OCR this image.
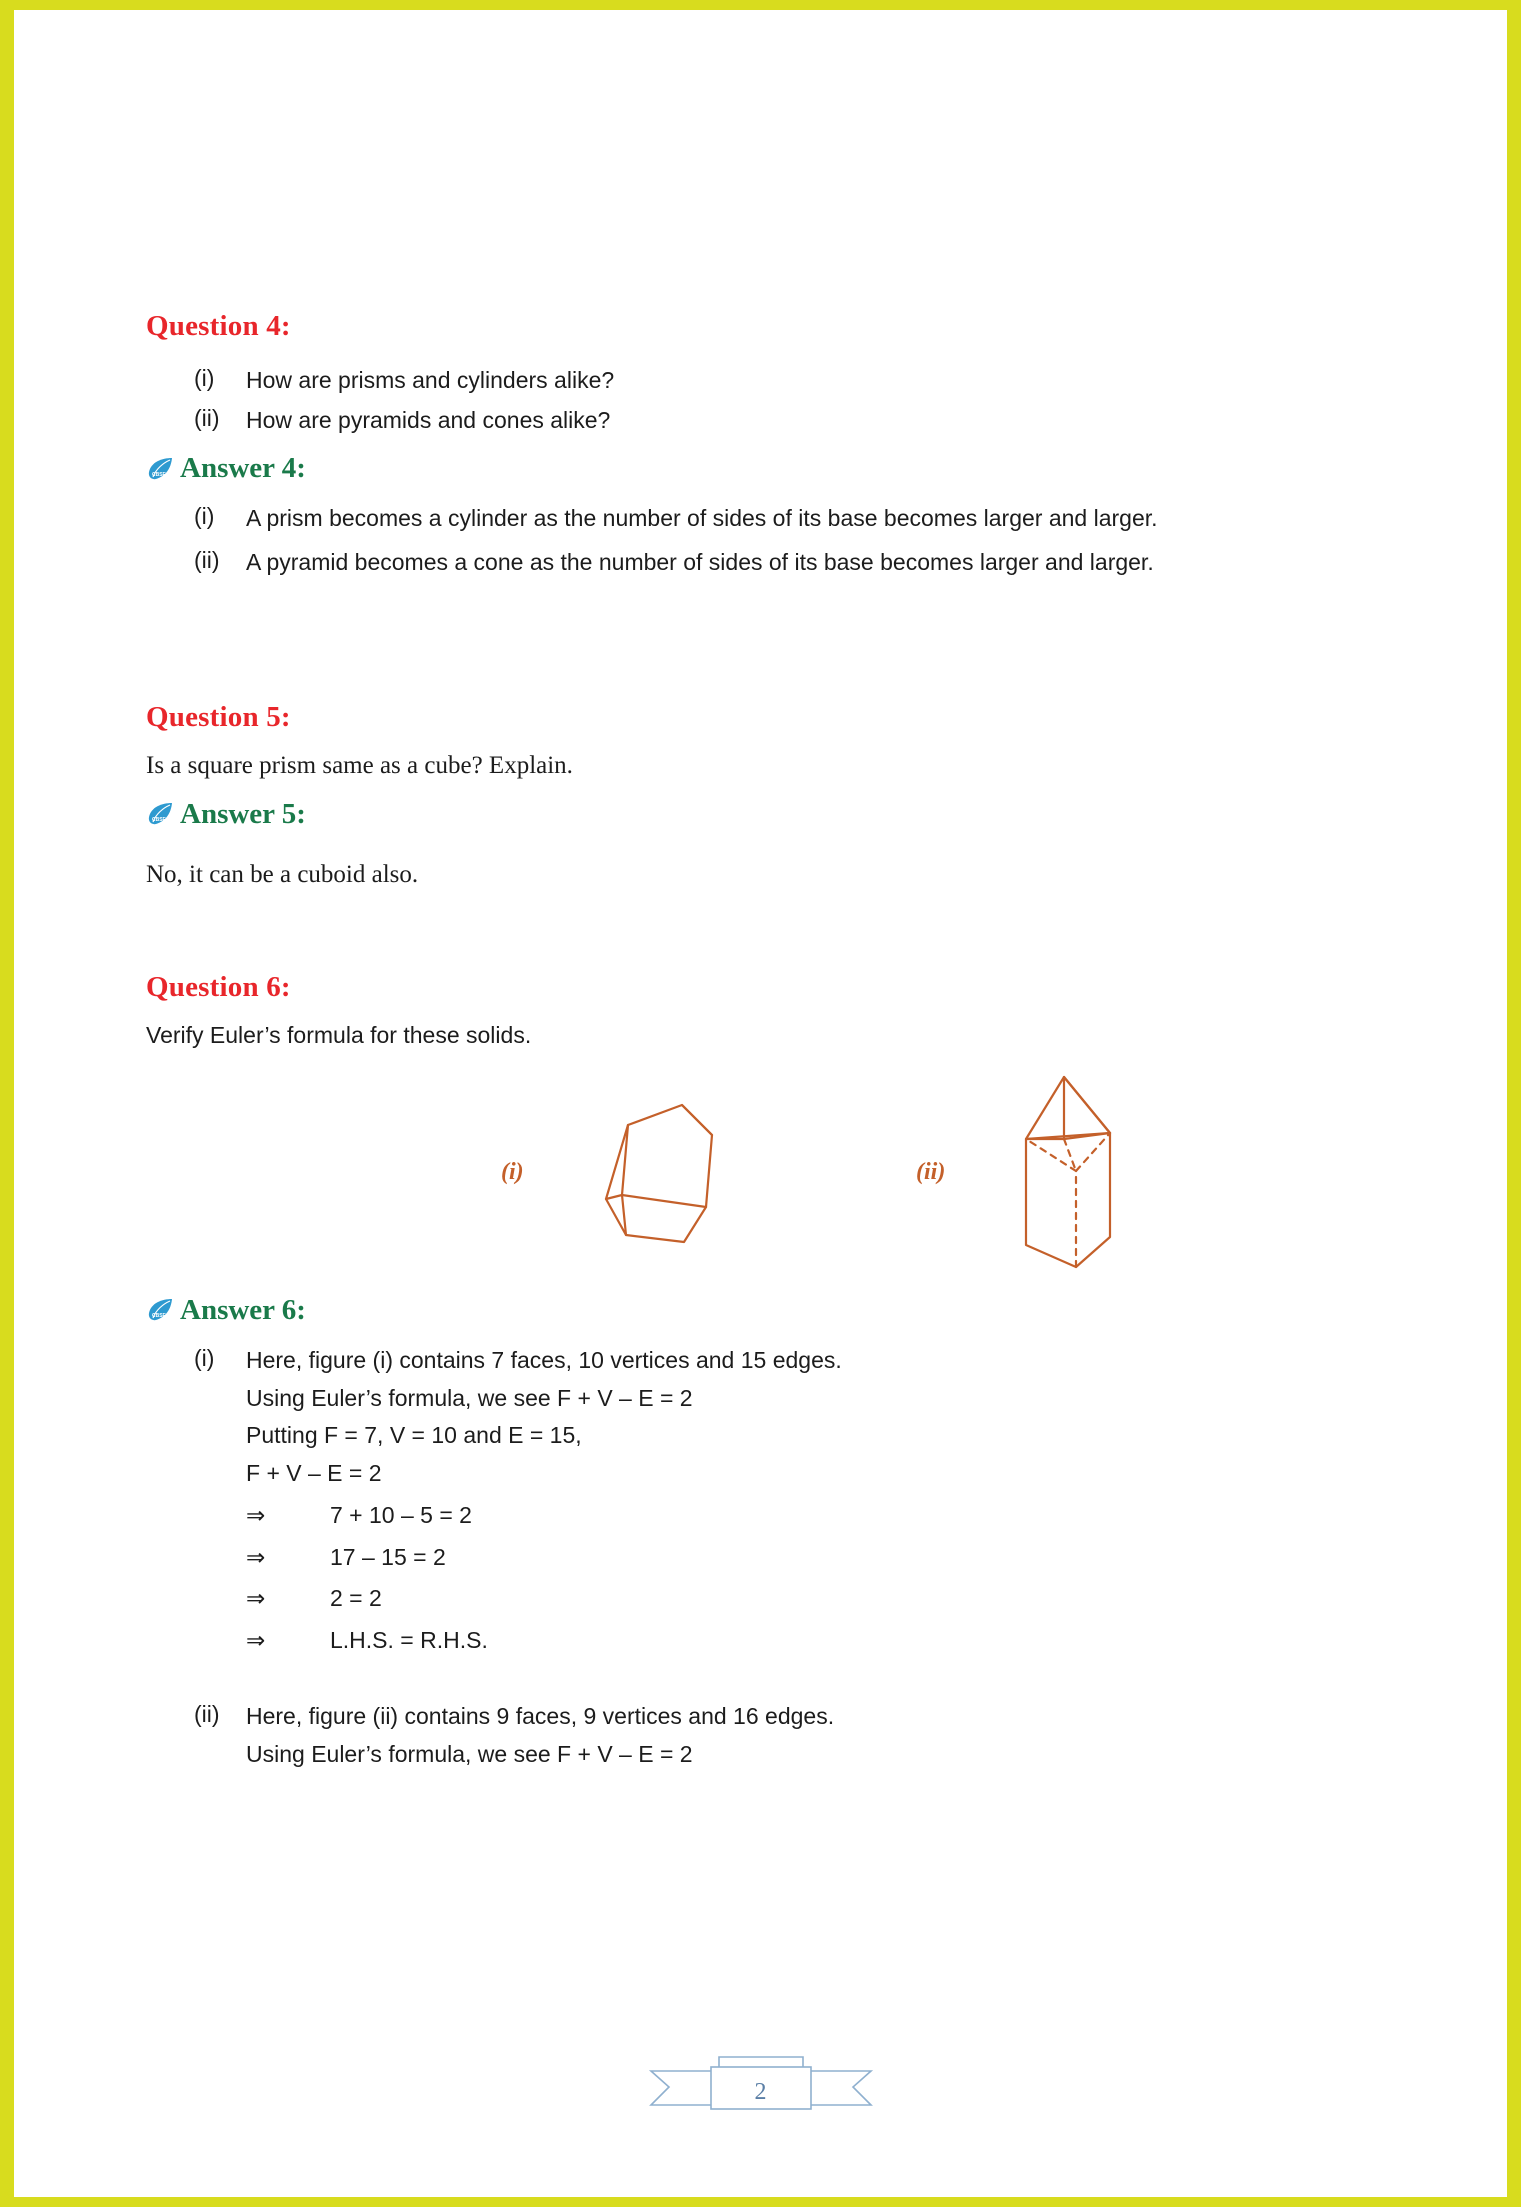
Question 4:
(i)	How are prisms and cylinders alike?
(ii)	How are pyramids and cones alike?
CBSE Answer 4:
(i)	A prism becomes a cylinder as the number of sides of its base becomes larger and larger.
(ii)	A pyramid becomes a cone as the number of sides of its base becomes larger and larger.
Question 5:
Is a square prism same as a cube? Explain.
CBSE Answer 5:
No, it can be a cuboid also.
Question 6:
Verify Euler’s formula for these solids.
(i)	(ii)
CBSE Answer 6:
(i)	Here, figure (i) contains 7 faces, 10 vertices and 15 edges.
Using Euler’s formula, we see F + V – E = 2
Putting F = 7, V = 10 and E = 15,
F + V – E = 2
⇒	7 + 10 – 5 = 2
⇒	17 – 15 = 2
⇒	2 = 2
⇒	L.H.S. = R.H.S.
(ii)	Here, figure (ii) contains 9 faces, 9 vertices and 16 edges.
Using Euler’s formula, we see F + V – E = 2
2
